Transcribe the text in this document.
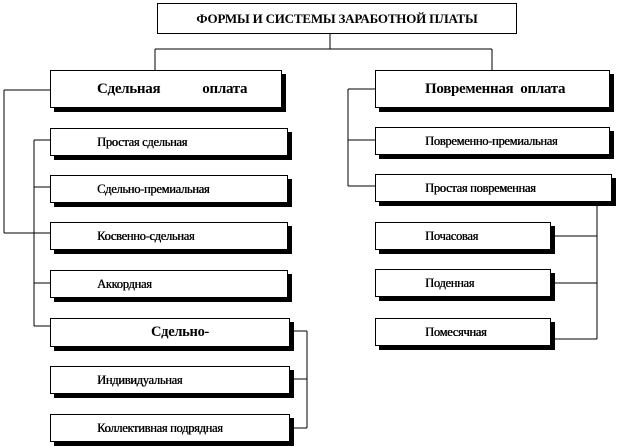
ФОРМЫ И СИСТЕМЫ ЗАРАБОТНОЙ ПЛАТЫ
Сдельная	оплата	Повременная  оплата
Простая сдельная
Сдельно-премиальная
Косвенно-сдельная
Аккордная
Сдельно-
Индивидуальная
Коллективная подрядная
Повременно-премиальная
Простая повременная
Почасовая
Поденная
Помесячная
